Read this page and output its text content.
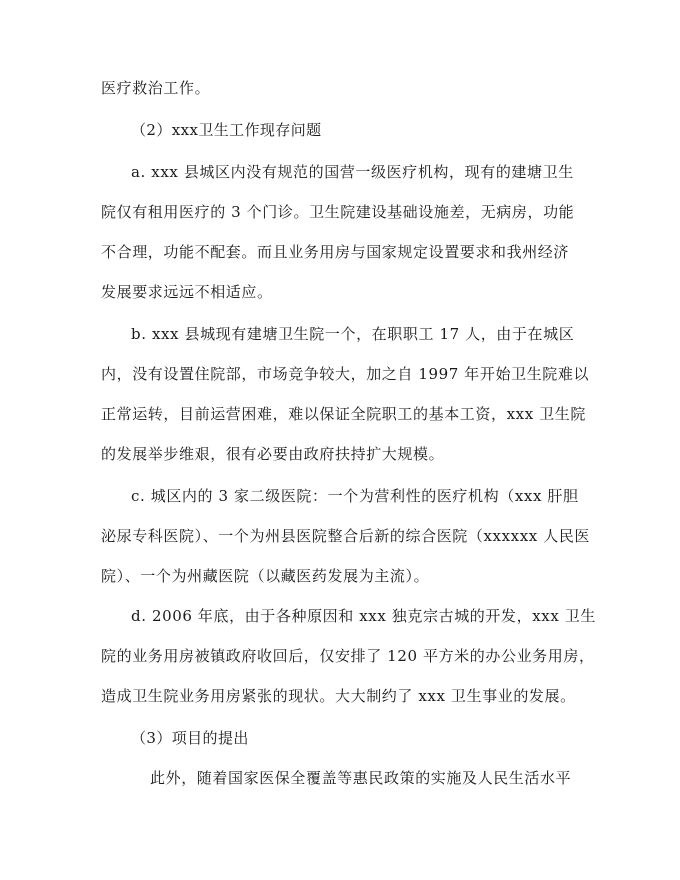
医疗救治工作。
（2）xxx卫生工作现存问题
a. xxx 县城区内没有规范的国营一级医疗机构，现有的建塘卫生
院仅有租用医疗的 3 个门诊。卫生院建设基础设施差，无病房，功能
不合理，功能不配套。而且业务用房与国家规定设置要求和我州经济
发展要求远远不相适应。
b. xxx 县城现有建塘卫生院一个，在职职工 17 人，由于在城区
内，没有设置住院部，市场竞争较大，加之自 1997 年开始卫生院难以
正常运转，目前运营困难，难以保证全院职工的基本工资，xxx 卫生院
的发展举步维艰，很有必要由政府扶持扩大规模。
c. 城区内的 3 家二级医院：一个为营利性的医疗机构（xxx 肝胆
泌尿专科医院）、一个为州县医院整合后新的综合医院（xxxxxx 人民医
院）、一个为州藏医院（以藏医药发展为主流）。
d. 2006 年底，由于各种原因和 xxx 独克宗古城的开发，xxx 卫生
院的业务用房被镇政府收回后，仅安排了 120 平方米的办公业务用房，
造成卫生院业务用房紧张的现状。大大制约了 xxx 卫生事业的发展。
（3）项目的提出
此外，随着国家医保全覆盖等惠民政策的实施及人民生活水平
